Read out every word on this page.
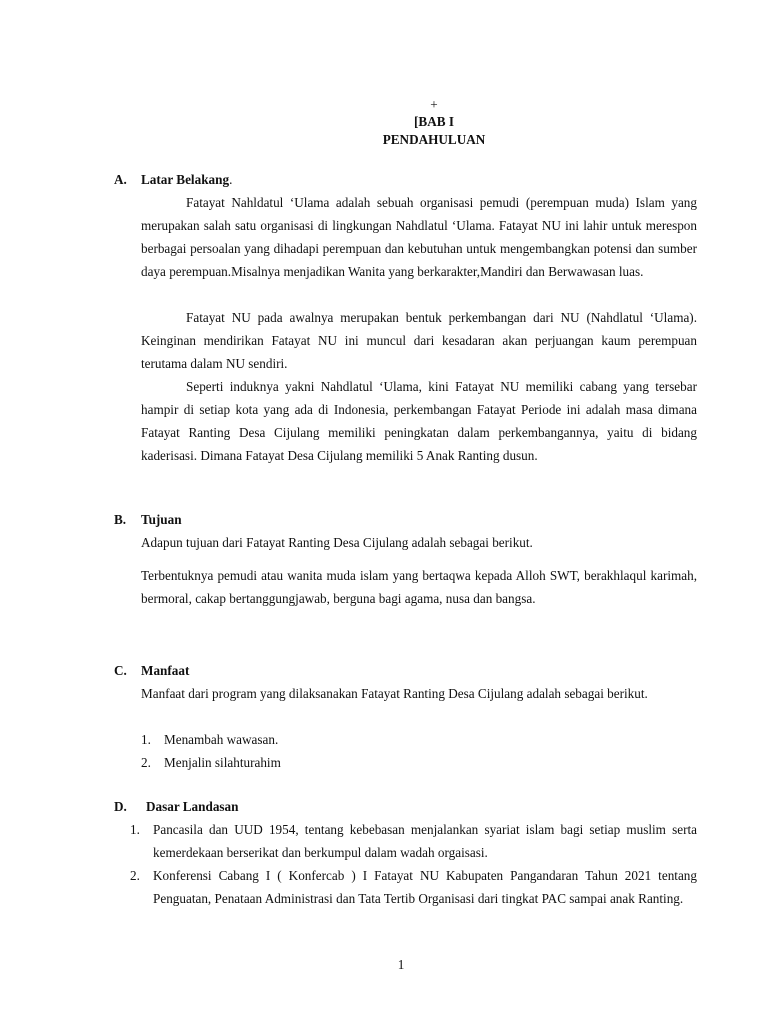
+
[BAB I
PENDAHULUAN
A. Latar Belakang.

Fatayat Nahldatul ‘Ulama adalah sebuah organisasi pemudi (perempuan muda) Islam yang merupakan salah satu organisasi di lingkungan Nahdlatul ‘Ulama. Fatayat NU ini lahir untuk merespon berbagai persoalan yang dihadapi perempuan dan kebutuhan untuk mengembangkan potensi dan sumber daya perempuan.Misalnya menjadikan Wanita yang berkarakter,Mandiri dan Berwawasan luas.

Fatayat NU pada awalnya merupakan bentuk perkembangan dari NU (Nahdlatul ‘Ulama). Keinginan mendirikan Fatayat NU ini muncul dari kesadaran akan perjuangan kaum perempuan terutama dalam NU sendiri.

Seperti induknya yakni Nahdlatul ‘Ulama, kini Fatayat NU memiliki cabang yang tersebar hampir di setiap kota yang ada di Indonesia, perkembangan Fatayat Periode ini adalah masa dimana Fatayat Ranting Desa Cijulang memiliki peningkatan dalam perkembangannya, yaitu di bidang kaderisasi. Dimana Fatayat Desa Cijulang memiliki 5 Anak Ranting dusun.

B. Tujuan

Adapun tujuan dari Fatayat Ranting Desa Cijulang adalah sebagai berikut.

Terbentuknya pemudi atau wanita muda islam yang bertaqwa kepada Alloh SWT, berakhlaqul karimah, bermoral, cakap bertanggungjawab, berguna bagi agama, nusa dan bangsa.

C. Manfaat

Manfaat dari program yang dilaksanakan Fatayat Ranting Desa Cijulang adalah sebagai berikut.

1. Menambah wawasan.
2. Menjalin silahturahim
D. Dasar Landasan
1. Pancasila dan UUD 1954, tentang kebebasan menjalankan syariat islam bagi setiap muslim serta kemerdekaan berserikat dan berkumpul dalam wadah orgaisasi.

2. Konferensi Cabang I ( Konfercab ) I Fatayat NU Kabupaten Pangandaran Tahun 2021 tentang Penguatan, Penataan Administrasi dan Tata Tertib Organisasi dari tingkat PAC sampai anak Ranting.

1
